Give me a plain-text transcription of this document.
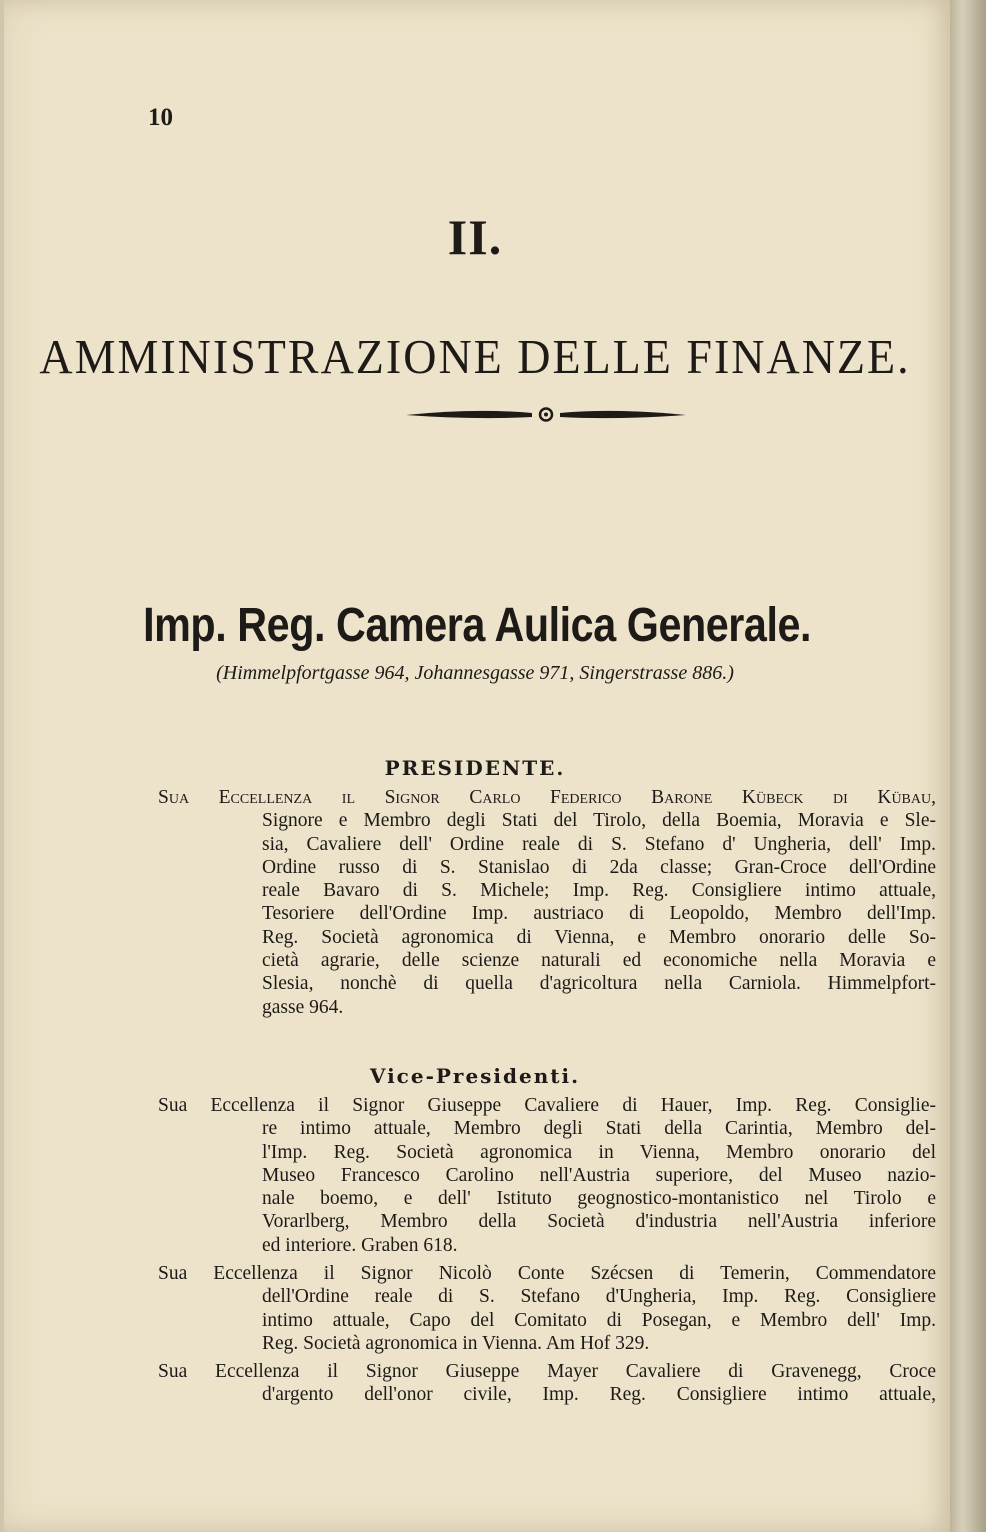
10
II.
AMMINISTRAZIONE DELLE FINANZE.
Imp. Reg. Camera Aulica Generale.
(Himmelpfortgasse 964, Johannesgasse 971, Singerstrasse 886.)
PRESIDENTE.
Sua Eccellenza il Signor Carlo Federico Barone Kübeck di Kübau,
Signore e Membro degli Stati del Tirolo, della Boemia, Moravia e Sle-
sia, Cavaliere dell' Ordine reale di S. Stefano d' Ungheria, dell' Imp.
Ordine russo di S. Stanislao di 2da classe; Gran-Croce dell'Ordine
reale Bavaro di S. Michele; Imp. Reg. Consigliere intimo attuale,
Tesoriere dell'Ordine Imp. austriaco di Leopoldo, Membro dell'Imp.
Reg. Società agronomica di Vienna, e Membro onorario delle So-
cietà agrarie, delle scienze naturali ed economiche nella Moravia e
Slesia, nonchè di quella d'agricoltura nella Carniola. Himmelpfort-
gasse 964.
Vice-Presidenti.
Sua Eccellenza il Signor Giuseppe Cavaliere di Hauer, Imp. Reg. Consiglie-
re intimo attuale, Membro degli Stati della Carintia, Membro del-
l'Imp. Reg. Società agronomica in Vienna, Membro onorario del
Museo Francesco Carolino nell'Austria superiore, del Museo nazio-
nale boemo, e dell' Istituto geognostico-montanistico nel Tirolo e
Vorarlberg, Membro della Società d'industria nell'Austria inferiore
ed interiore. Graben 618.
Sua Eccellenza il Signor Nicolò Conte Szécsen di Temerin, Commendatore
dell'Ordine reale di S. Stefano d'Ungheria, Imp. Reg. Consigliere
intimo attuale, Capo del Comitato di Posegan, e Membro dell' Imp.
Reg. Società agronomica in Vienna. Am Hof 329.
Sua Eccellenza il Signor Giuseppe Mayer Cavaliere di Gravenegg, Croce
d'argento dell'onor civile, Imp. Reg. Consigliere intimo attuale,
